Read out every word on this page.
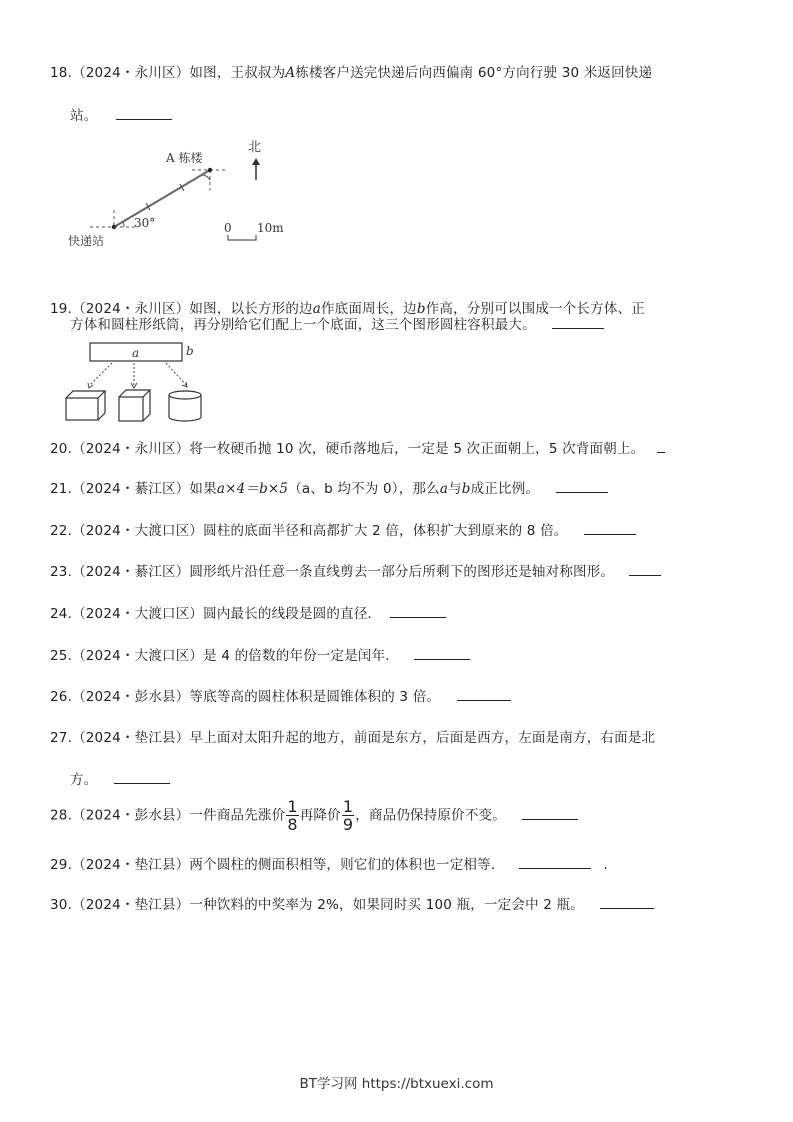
18.（2024・永川区）如图，王叔叔为A栋楼客户送完快递后向西偏南 60°方向行驶 30 米返回快递
站。
A 栋楼
30°
快递站
北
0 10m
19.（2024・永川区）如图，以长方形的边a作底面周长，边b作高，分别可以围成一个长方体、正
方体和圆柱形纸筒，再分别给它们配上一个底面，这三个图形圆柱容积最大。
a	b
20.（2024・永川区）将一枚硬币抛 10 次，硬币落地后，一定是 5 次正面朝上，5 次背面朝上。
21.（2024・綦江区）如果a×4＝b×5（a、b 均不为 0），那么a与b成正比例。
22.（2024・大渡口区）圆柱的底面半径和高都扩大 2 倍，体积扩大到原来的 8 倍。
23.（2024・綦江区）圆形纸片沿任意一条直线剪去一部分后所剩下的图形还是轴对称图形。
24.（2024・大渡口区）圆内最长的线段是圆的直径．
25.（2024・大渡口区）是 4 的倍数的年份一定是闰年．
26.（2024・彭水县）等底等高的圆柱体积是圆锥体积的 3 倍。
27.（2024・垫江县）早上面对太阳升起的地方，前面是东方，后面是西方，左面是南方，右面是北
方。
28.（2024・彭水县）一件商品先涨价 $\frac{1}{8}$ 再降价 $\frac{1}{9}$ ，商品仍保持原价不变。
29.（2024・垫江县）两个圆柱的侧面积相等，则它们的体积也一定相等．	.
30.（2024・垫江县）一种饮料的中奖率为 2%，如果同时买 100 瓶，一定会中 2 瓶。
BT学习网 https://btxuexi.com
